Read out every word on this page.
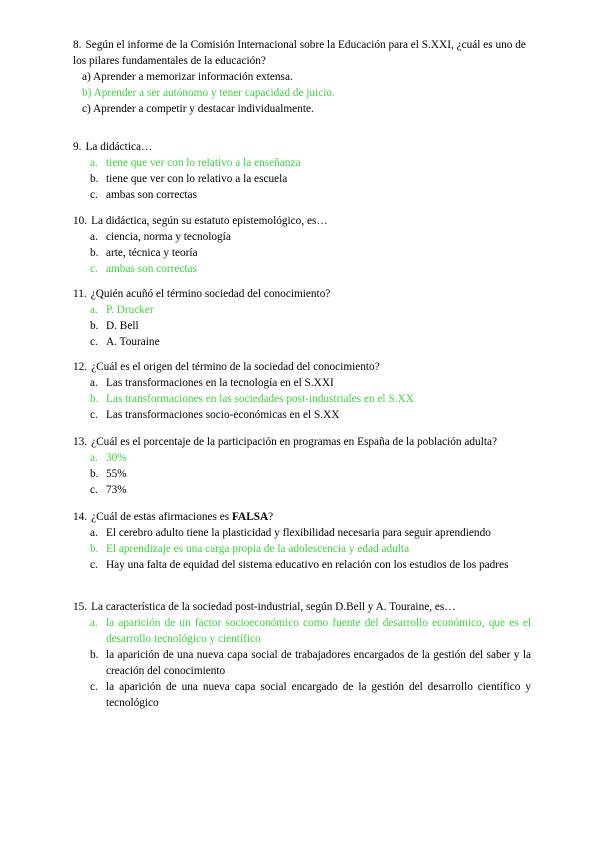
8. Según el informe de la Comisión Internacional sobre la Educación para el S.XXI, ¿cuál es uno de los pilares fundamentales de la educación?

a) Aprender a memorizar información extensa.

b) Aprender a ser autónomo y tener capacidad de juicio.

c) Aprender a competir y destacar individualmente.

9. La didáctica…

a. tiene que ver con lo relativo a la enseñanza
b. tiene que ver con lo relativo a la escuela
c. ambas son correctas

10. La didáctica, según su estatuto epistemológico, es…

a. ciencia, norma y tecnología
b. arte, técnica y teoría
c. ambas son correctas

11. ¿Quién acuñó el término sociedad del conocimiento?

a. P. Drucker
b. D. Bell
c. A. Touraine

12. ¿Cuál es el origen del término de la sociedad del conocimiento?

a. Las transformaciones en la tecnología en el S.XXI
b. Las transformaciones en las sociedades post-industriales en el S.XX
c. Las transformaciones socio-económicas en el S.XX

13. ¿Cuál es el porcentaje de la participación en programas en España de la población adulta?

a. 30%
b. 55%
c. 73%

14. ¿Cuál de estas afirmaciones es FALSA?

a. El cerebro adulto tiene la plasticidad y flexibilidad necesaria para seguir aprendiendo
b. El aprendizaje es una carga propia de la adolescencia y edad adulta
c. Hay una falta de equidad del sistema educativo en relación con los estudios de los padres

15. La característica de la sociedad post-industrial, según D.Bell y A. Touraine, es…

a. la aparición de un factor socioeconómico como fuente del desarrollo económico, que es el desarrollo tecnológico y científico
b. la aparición de una nueva capa social de trabajadores encargados de la gestión del saber y la creación del conocimiento
c. la aparición de una nueva capa social encargado de la gestión del desarrollo científico y tecnológico
